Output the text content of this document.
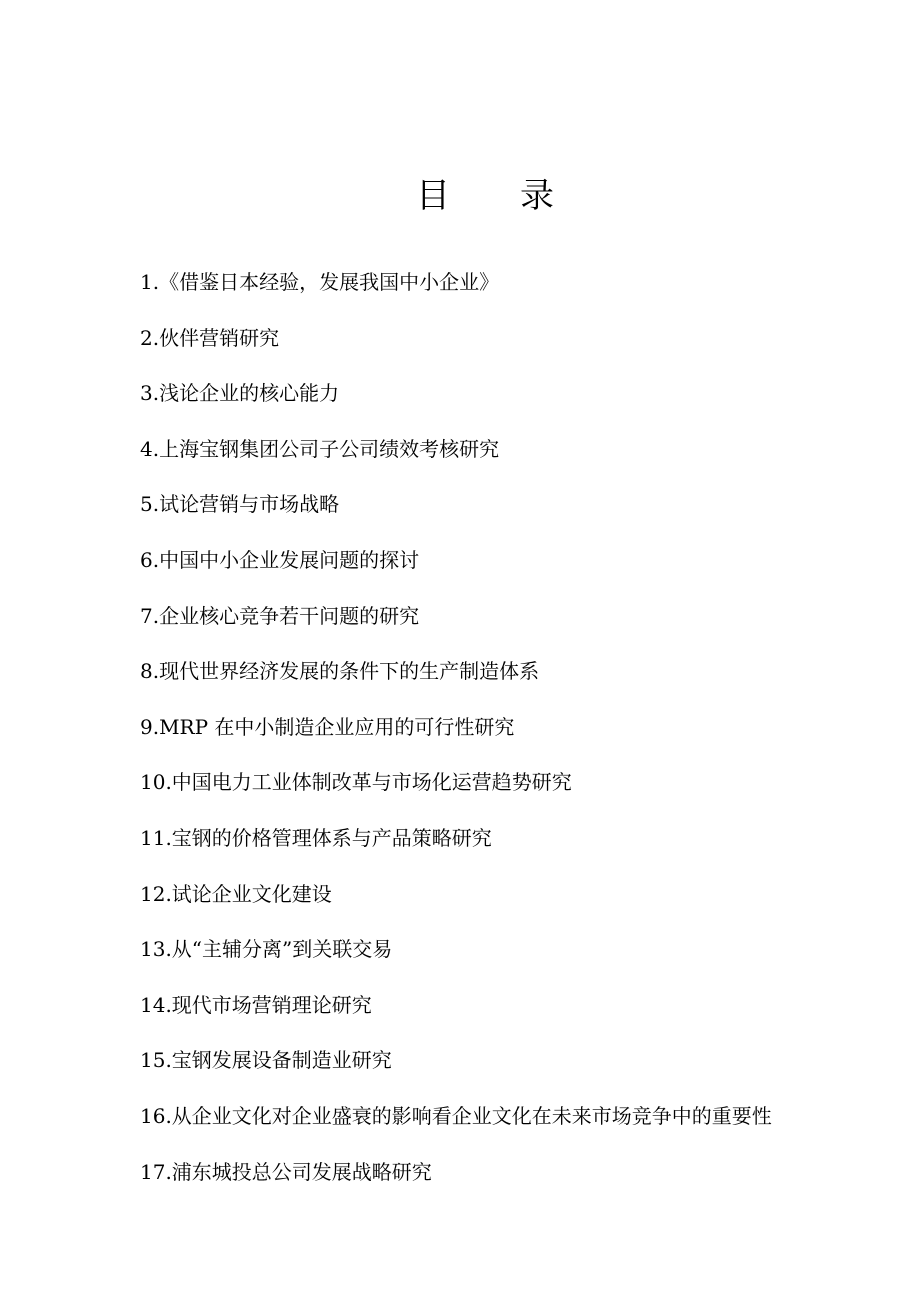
目 录
1.《借鉴日本经验，发展我国中小企业》
2.伙伴营销研究
3.浅论企业的核心能力
4.上海宝钢集团公司子公司绩效考核研究
5.试论营销与市场战略
6.中国中小企业发展问题的探讨
7.企业核心竞争若干问题的研究
8.现代世界经济发展的条件下的生产制造体系
9.MRP 在中小制造企业应用的可行性研究
10.中国电力工业体制改革与市场化运营趋势研究
11.宝钢的价格管理体系与产品策略研究
12.试论企业文化建设
13.从“主辅分离”到关联交易
14.现代市场营销理论研究
15.宝钢发展设备制造业研究
16.从企业文化对企业盛衰的影响看企业文化在未来市场竞争中的重要性
17.浦东城投总公司发展战略研究
